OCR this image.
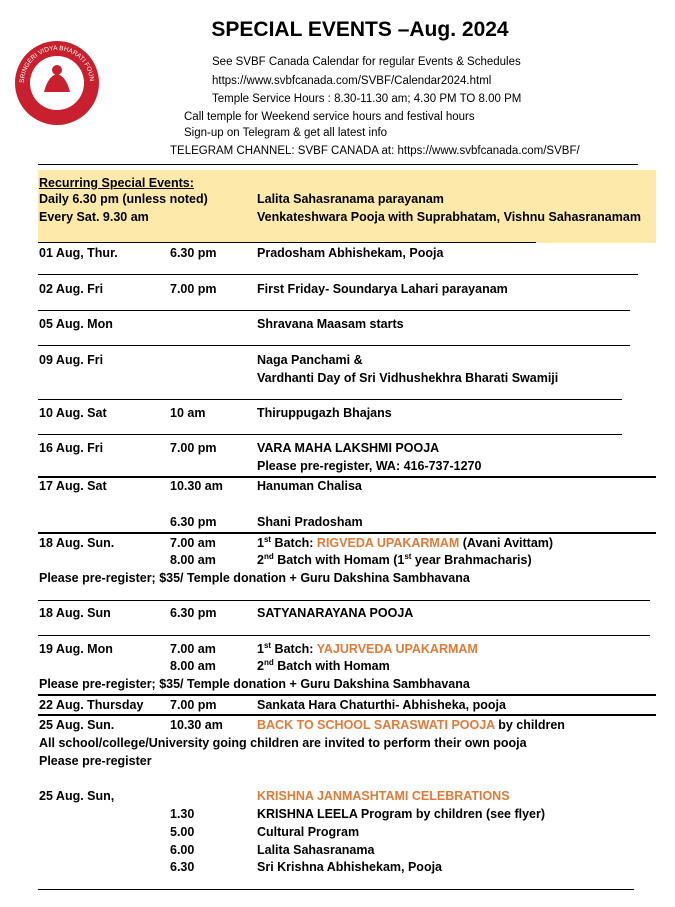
SRINGERI VIDYA BHARATI FOUN
SPECIAL EVENTS –Aug. 2024
See SVBF Canada Calendar for regular Events & Schedules
https://www.svbfcanada.com/SVBF/Calendar2024.html
Temple Service Hours : 8.30-11.30 am; 4.30 PM TO 8.00 PM
Call temple for Weekend service hours and festival hours
Sign-up on Telegram & get all latest info
TELEGRAM CHANNEL: SVBF CANADA at: https://www.svbfcanada.com/SVBF/
Recurring Special Events:
Daily 6.30 pm (unless noted)	Lalita Sahasranama parayanam
Every Sat. 9.30 am	Venkateshwara Pooja with Suprabhatam, Vishnu Sahasranamam
01 Aug, Thur.	6.30 pm	Pradosham Abhishekam, Pooja
02 Aug. Fri	7.00 pm	First Friday- Soundarya Lahari parayanam
05 Aug. Mon	Shravana Maasam starts
09 Aug. Fri	Naga Panchami &
Vardhanti Day of Sri Vidhushekhra Bharati Swamiji
10 Aug. Sat	10 am	Thiruppugazh Bhajans
16 Aug. Fri	7.00 pm	VARA MAHA LAKSHMI POOJA
Please pre-register, WA: 416-737-1270
17 Aug. Sat	10.30 am	Hanuman Chalisa
6.30 pm	Shani Pradosham
18 Aug. Sun.	7.00 am	1st Batch: RIGVEDA UPAKARMAM (Avani Avittam)
8.00 am	2nd Batch with Homam (1st year Brahmacharis)
Please pre-register; $35/ Temple donation + Guru Dakshina Sambhavana
18 Aug. Sun	6.30 pm	SATYANARAYANA POOJA
19 Aug. Mon	7.00 am	1st Batch: YAJURVEDA UPAKARMAM
8.00 am	2nd Batch with Homam
Please pre-register; $35/ Temple donation + Guru Dakshina Sambhavana
22 Aug. Thursday 7.00 pm	Sankata Hara Chaturthi- Abhisheka, pooja
25 Aug. Sun.	10.30 am	BACK TO SCHOOL SARASWATI POOJA by children
All school/college/University going children are invited to perform their own pooja
Please pre-register
25 Aug. Sun,	KRISHNA JANMASHTAMI CELEBRATIONS
1.30	KRISHNA LEELA Program by children (see flyer)
5.00	Cultural Program
6.00	Lalita Sahasranama
6.30	Sri Krishna Abhishekam, Pooja
